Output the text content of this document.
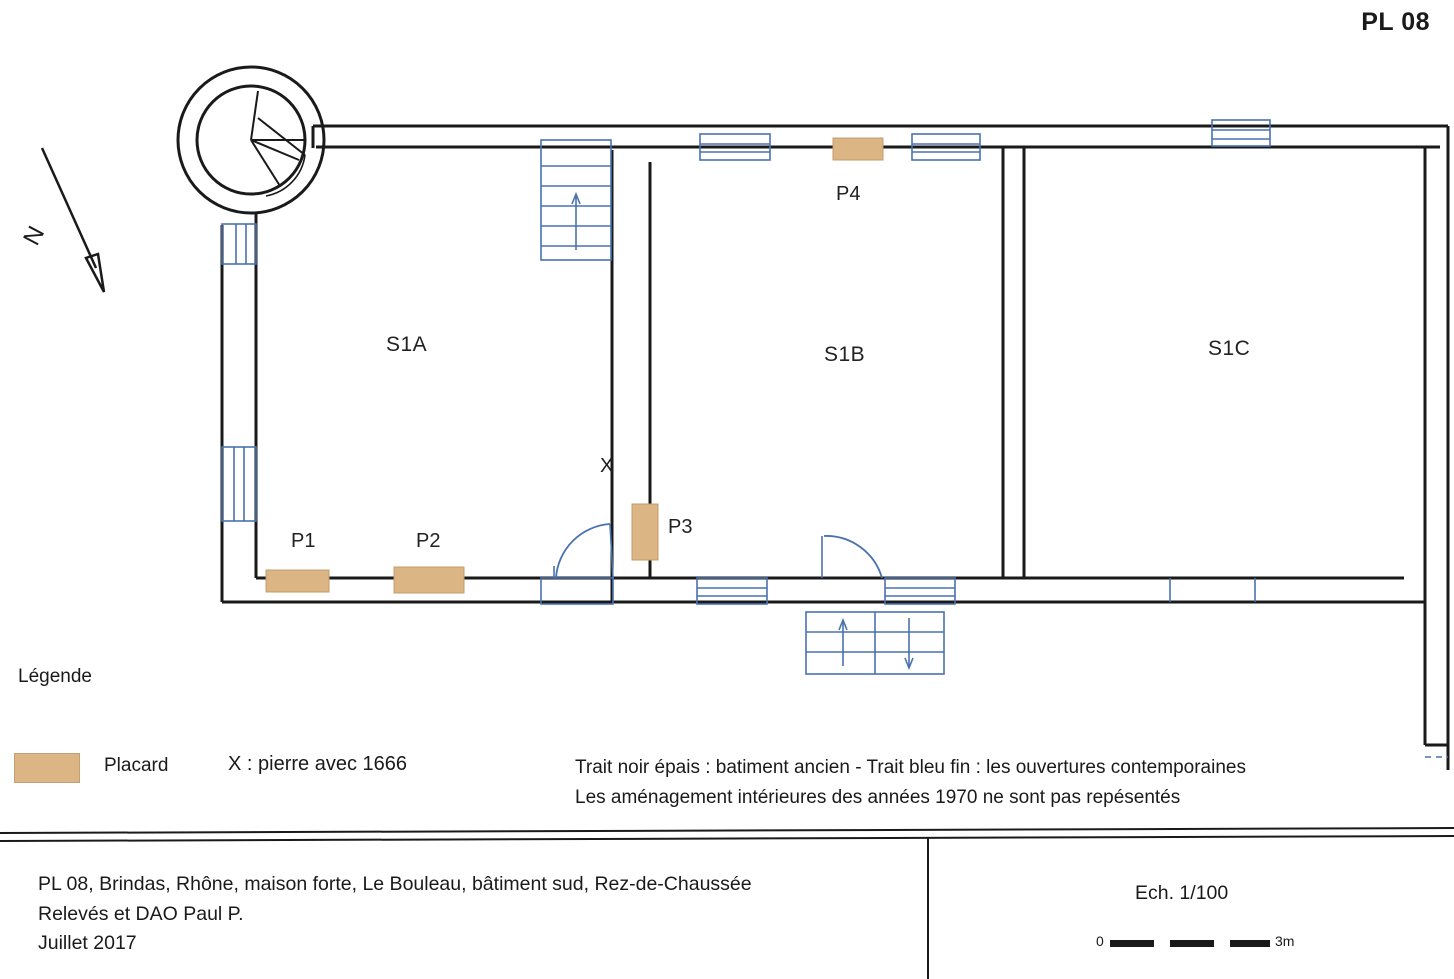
PL 08
S1A	S1B	S1C
P1	P2
P3
P4
X
N
Légende
Placard	X : pierre avec 1666	Trait noir épais : batiment ancien - Trait bleu fin : les ouvertures contemporaines
Les aménagement intérieures des années 1970 ne sont pas repésentés
PL 08, Brindas, Rhône, maison forte, Le Bouleau, bâtiment sud, Rez-de-Chaussée
Relevés et DAO Paul P.
Juillet 2017
Ech. 1/100
0	3m
